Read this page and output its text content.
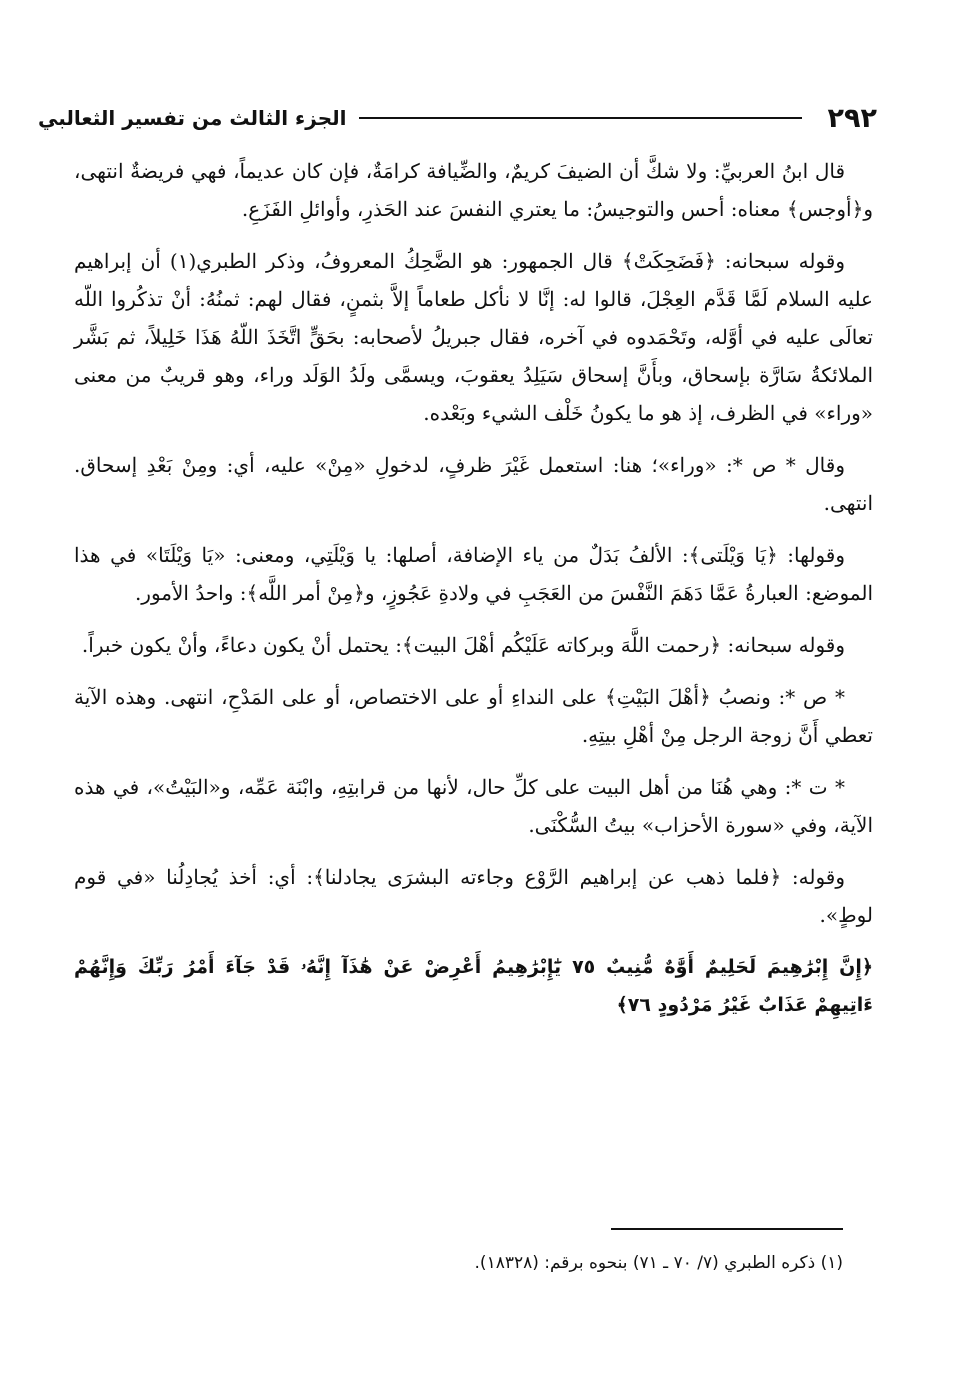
٢٩٢
الجزء الثالث من تفسير الثعالبي

قال ابنُ العربيِّ: ولا شكَّ أن الضيفَ كريمٌ، والضِّيافة كرامَةٌ، فإن كان عديماً، فهي فريضةٌ انتهى، و﴿أوجس﴾ معناه: أحس والتوجيسُ: ما يعتري النفسَ عند الحَذرِ، وأوائلِ الفَزَعِ.

وقوله سبحانه: ﴿فَضَحِكَتْ﴾ قال الجمهور: هو الضَّحِكُ المعروفُ، وذكر الطبري(١) أن إبراهيم عليه السلام لَمَّا قَدَّم العِجْلَ، قالوا له: إنَّا لا نأكل طعاماً إلاَّ بثمنٍ، فقال لهم: ثمنُهُ: أنْ تذكُروا اللّه تعالَى عليه في أوَّله، وتَحْمَدوه في آخره، فقال جبريلُ لأصحابه: بحَقٍّ اتَّخَذَ اللّهُ هَذَا خَلِيلاً، ثم بَشَّر الملائكةُ سَارَّة بإسحاق، وبأَنَّ إسحاق سَيَلِدُ يعقوبَ، ويسمَّى ولَدُ الوَلَد وراء، وهو قريبٌ من معنى «وراء» في الظرف، إذ هو ما يكونُ خَلْف الشيء وبَعْده.

وقال * ص *: «وراء»؛ هنا: استعمل غَيْرَ ظرفٍ، لدخولِ «مِنْ» عليه، أي: ومِنْ بَعْدِ إسحاق. انتهى.

وقولها: ﴿يَا وَيْلَتى﴾: الألفُ بَدَلٌ من ياء الإضافة، أصلها: يا وَيْلَتِي، ومعنى: «يَا وَيْلَتَا» في هذا الموضع: العبارةُ عَمَّا دَهَمَ النَّفْسَ من العَجَبِ في ولادةِ عَجُوزٍ، و﴿مِنْ أمر اللَّه﴾: واحدُ الأمور.

وقوله سبحانه: ﴿رحمت اللَّهَ وبركاته عَلَيْكُم أهْلَ البيت﴾: يحتمل أنْ يكون دعاءً، وأنْ يكون خبراً.

* ص *: ونصبُ ﴿أهْلَ البَيْتِ﴾ على النداءِ أو على الاختصاص، أو على المَدْحِ، انتهى. وهذه الآية تعطي أَنَّ زوجة الرجل مِنْ أهْلِ بيتِهِ.

* ت *: وهي هُنَا من أهل البيت على كلِّ حال، لأنها من قرابتِهِ، وابْنَة عَمِّه، و«البَيْتُ»، في هذه الآية، وفي «سورة الأحزاب» بيتُ السُّكْنَى.

وقوله: ﴿فلما ذهب عن إبراهيم الرَّوْع وجاءته البشرَى يجادلنا﴾: أي: أخذ يُجادِلُنا «في قوم لوطٍ».

﴿إِنَّ إِبْرَٰهِيمَ لَحَلِيمٌ أَوَّٰهٌ مُّنِيبٌ ٧٥ يَٰٓإِبْرَٰهِيمُ أَعْرِضْ عَنْ هَٰذَآ إِنَّهُۥ قَدْ جَآءَ أَمْرُ رَبِّكَ وَإِنَّهُمْ ءَاتِيهِمْ عَذَابٌ غَيْرُ مَرْدُودٍ ٧٦﴾

(١) ذكره الطبري (٧/ ٧٠ ـ ٧١) بنحوه برقم: (١٨٣٢٨).
